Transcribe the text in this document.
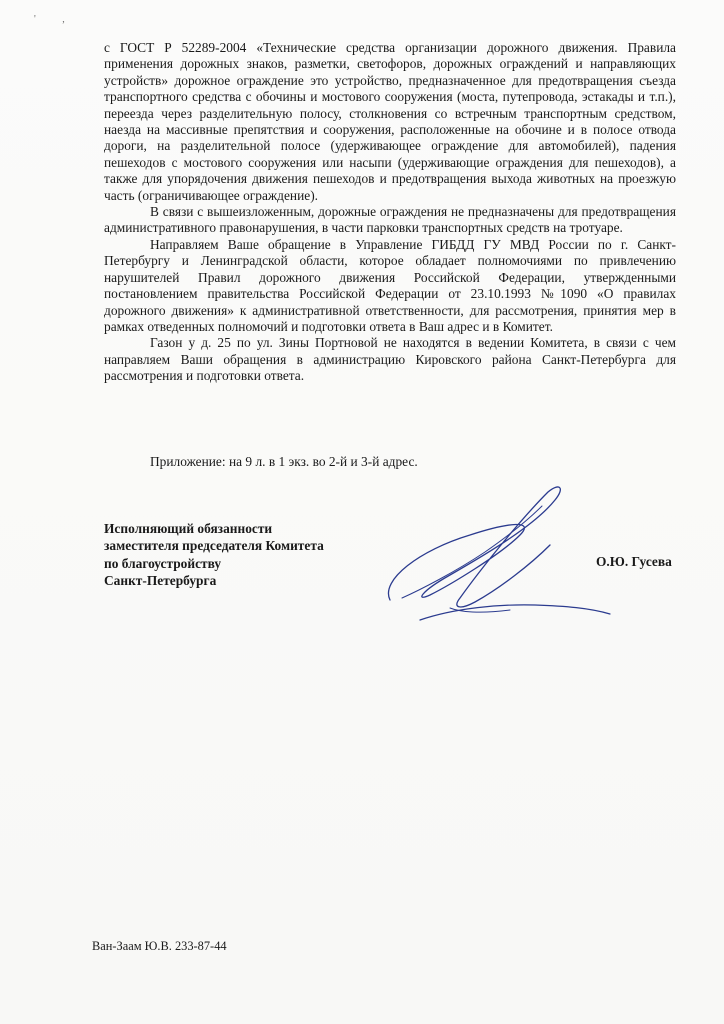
' ,

с ГОСТ Р 52289-2004 «Технические средства организации дорожного движения. Правила применения дорожных знаков, разметки, светофоров, дорожных ограждений и направляющих устройств» дорожное ограждение это устройство, предназначенное для предотвращения съезда транспортного средства с обочины и мостового сооружения (моста, путепровода, эстакады и т.п.), переезда через разделительную полосу, столкновения со встречным транспортным средством, наезда на массивные препятствия и сооружения, расположенные на обочине и в полосе отвода дороги, на разделительной полосе (удерживающее ограждение для автомобилей), падения пешеходов с мостового сооружения или насыпи (удерживающие ограждения для пешеходов), а также для упорядочения движения пешеходов и предотвращения выхода животных на проезжую часть (ограничивающее ограждение).

В связи с вышеизложенным, дорожные ограждения не предназначены для предотвращения административного правонарушения, в части парковки транспортных средств на тротуаре.

Направляем Ваше обращение в Управление ГИБДД ГУ МВД России по г. Санкт-Петербургу и Ленинградской области, которое обладает полномочиями по привлечению нарушителей Правил дорожного движения Российской Федерации, утвержденными постановлением правительства Российской Федерации от 23.10.1993 №1090 «О правилах дорожного движения» к административной ответственности, для рассмотрения, принятия мер в рамках отведенных полномочий и подготовки ответа в Ваш адрес и в Комитет.

Газон у д. 25 по ул. Зины Портновой не находятся в ведении Комитета, в связи с чем направляем Ваши обращения в администрацию Кировского района Санкт-Петербурга для рассмотрения и подготовки ответа.

Приложение: на 9 л. в 1 экз. во 2-й и 3-й адрес.
Исполняющий обязанности
заместителя председателя Комитета
по благоустройству
Санкт-Петербурга
О.Ю. Гусева
Ван-Заам Ю.В. 233-87-44
